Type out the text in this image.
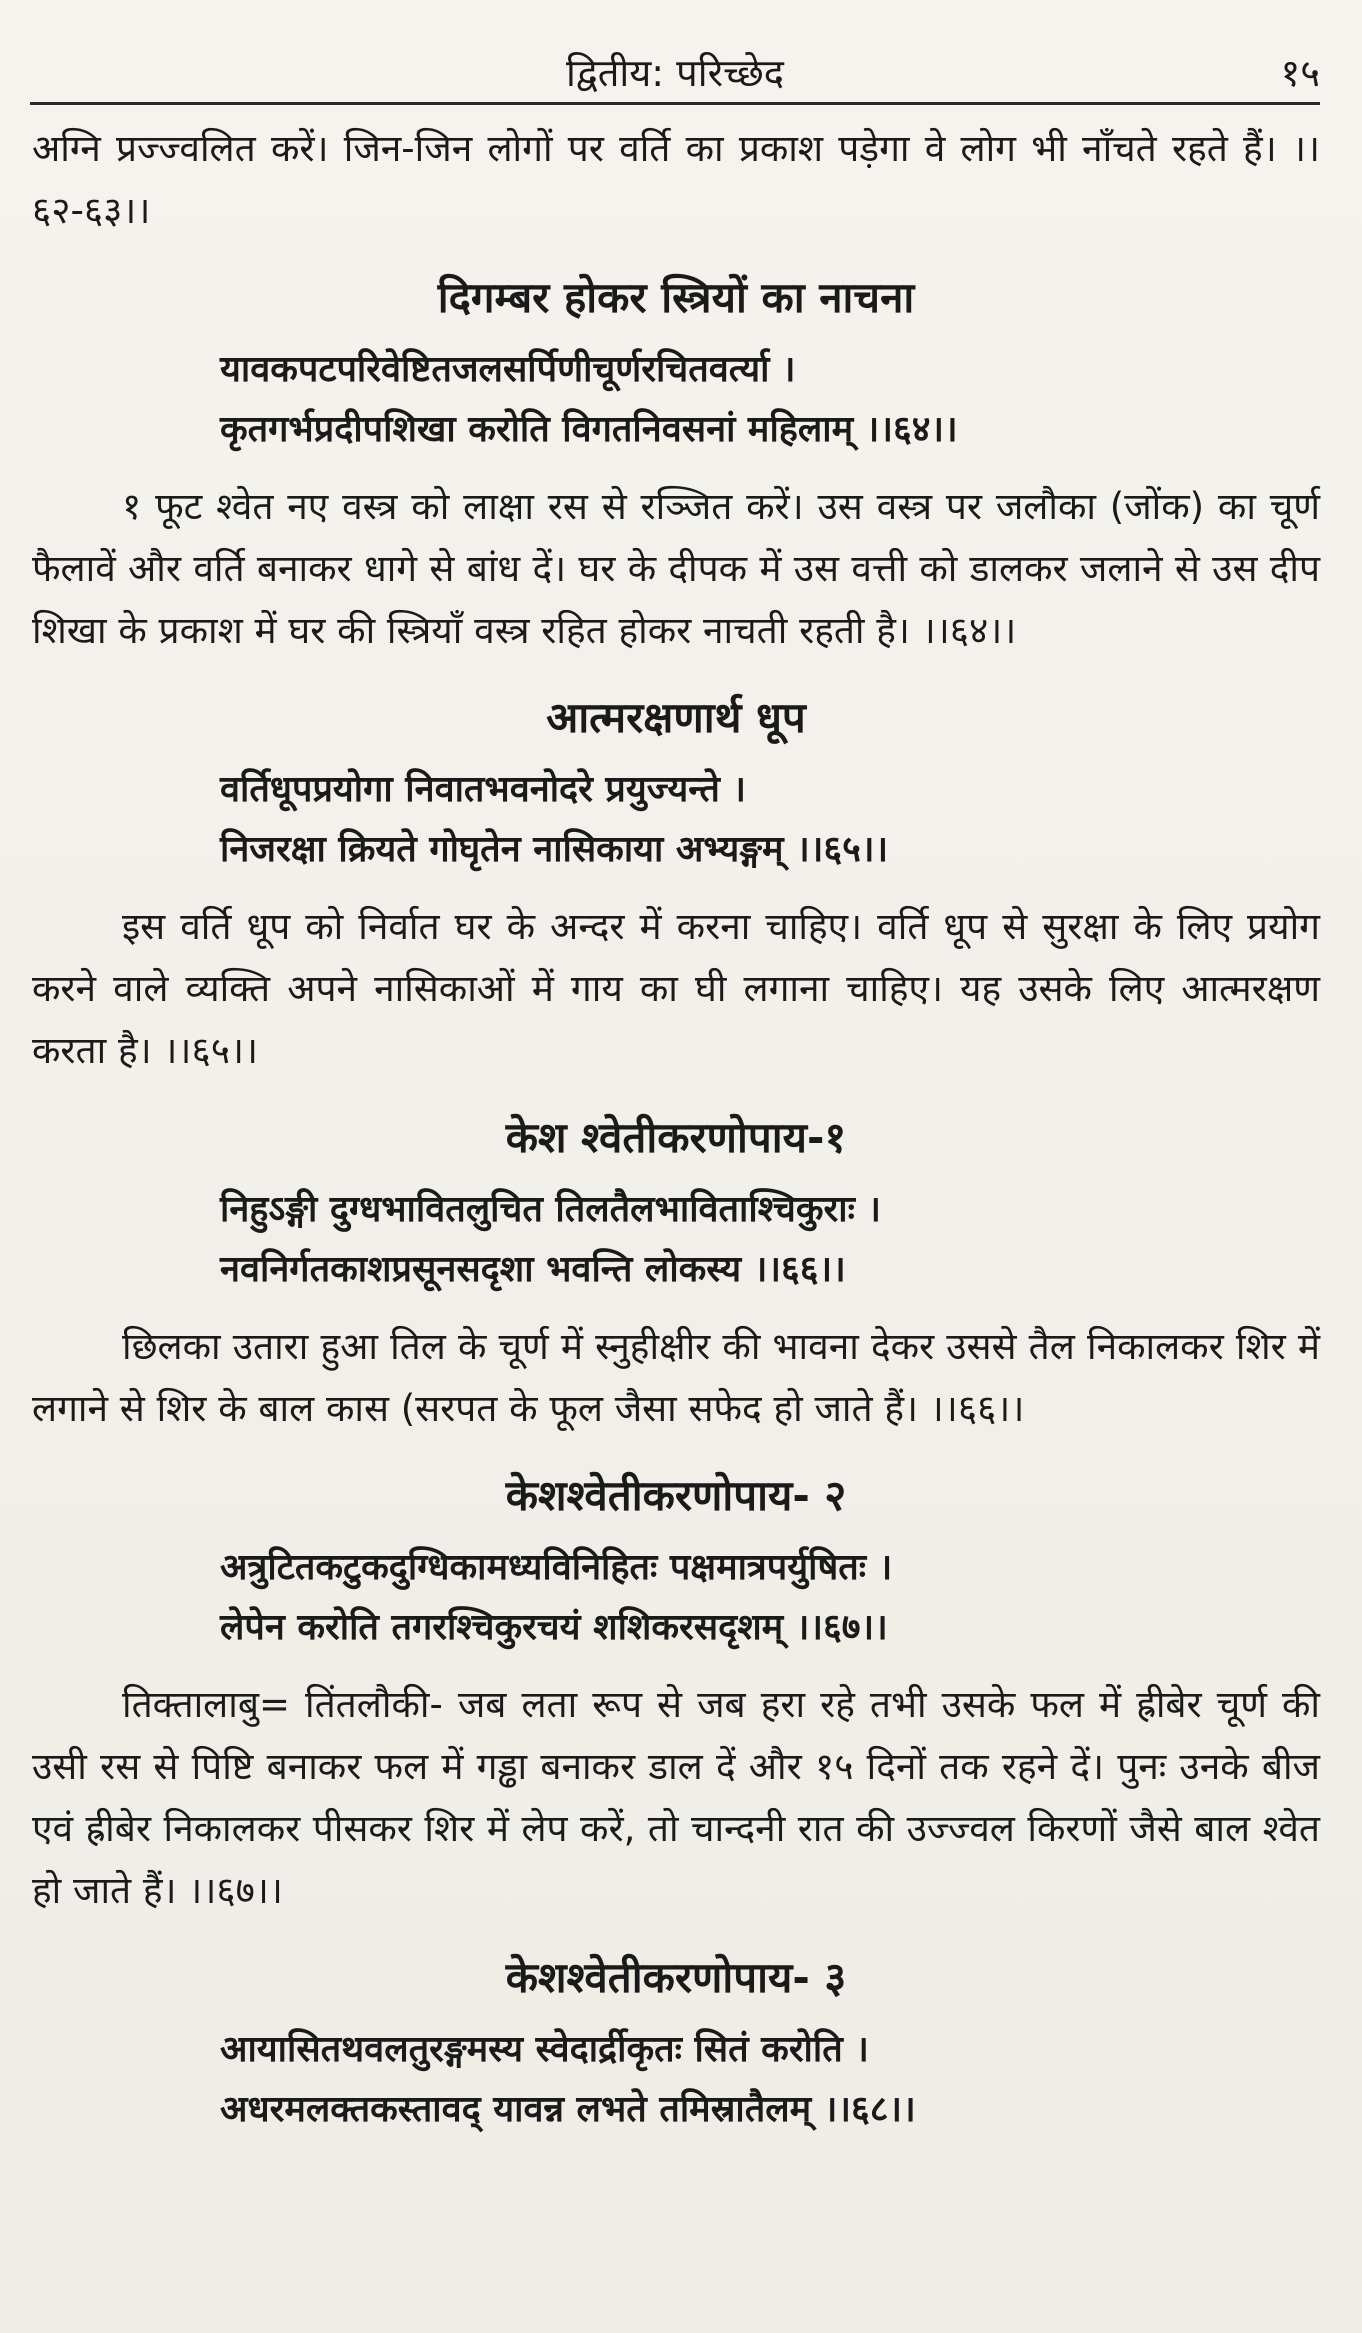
द्वितीय: परिच्छेद	१५

अग्नि प्रज्ज्वलित करें। जिन-जिन लोगों पर वर्ति का प्रकाश पड़ेगा वे लोग भी नाँचते रहते हैं। ।।६२-६३।।

दिगम्बर होकर स्त्रियों का नाचना
यावकपटपरिवेष्टितजलसर्पिणीचूर्णरचितवर्त्या ।
कृतगर्भप्रदीपशिखा करोति विगतनिवसनां महिलाम् ।।६४।।

१ फूट श्वेत नए वस्त्र को लाक्षा रस से रञ्जित करें। उस वस्त्र पर जलौका (जोंक) का चूर्ण फैलावें और वर्ति बनाकर धागे से बांध दें। घर के दीपक में उस वत्ती को डालकर जलाने से उस दीप शिखा के प्रकाश में घर की स्त्रियाँ वस्त्र रहित होकर नाचती रहती है। ।।६४।।

आत्मरक्षणार्थ धूप
वर्तिधूपप्रयोगा निवातभवनोदरे प्रयुज्यन्ते ।
निजरक्षा क्रियते गोघृतेन नासिकाया अभ्यङ्गम् ।।६५।।

इस वर्ति धूप को निर्वात घर के अन्दर में करना चाहिए। वर्ति धूप से सुरक्षा के लिए प्रयोग करने वाले व्यक्ति अपने नासिकाओं में गाय का घी लगाना चाहिए। यह उसके लिए आत्मरक्षण करता है। ।।६५।।

केश श्वेतीकरणोपाय-१
निहुऽङ्गी दुग्धभावितलुचित तिलतैलभाविताश्चिकुराः ।
नवनिर्गतकाशप्रसूनसदृशा भवन्ति लोकस्य ।।६६।।

छिलका उतारा हुआ तिल के चूर्ण में स्नुहीक्षीर की भावना देकर उससे तैल निकालकर शिर में लगाने से शिर के बाल कास (सरपत के फूल जैसा सफेद हो जाते हैं। ।।६६।।

केशश्वेतीकरणोपाय- २
अत्रुटितकटुकदुग्धिकामध्यविनिहितः पक्षमात्रपर्युषितः ।
लेपेन करोति तगरश्चिकुरचयं शशिकरसदृशम् ।।६७।।

तिक्तालाबु= तिंतलौकी- जब लता रूप से जब हरा रहे तभी उसके फल में ह्रीबेर चूर्ण की उसी रस से पिष्टि बनाकर फल में गड्ढा बनाकर डाल दें और १५ दिनों तक रहने दें। पुनः उनके बीज एवं ह्रीबेर निकालकर पीसकर शिर में लेप करें, तो चान्दनी रात की उज्ज्वल किरणों जैसे बाल श्वेत हो जाते हैं। ।।६७।।

केशश्वेतीकरणोपाय- ३
आयासितथवलतुरङ्गमस्य स्वेदार्द्रीकृतः सितं करोति ।
अधरमलक्तकस्तावद् यावन्न लभते तमिस्रातैलम् ।।६८।।
